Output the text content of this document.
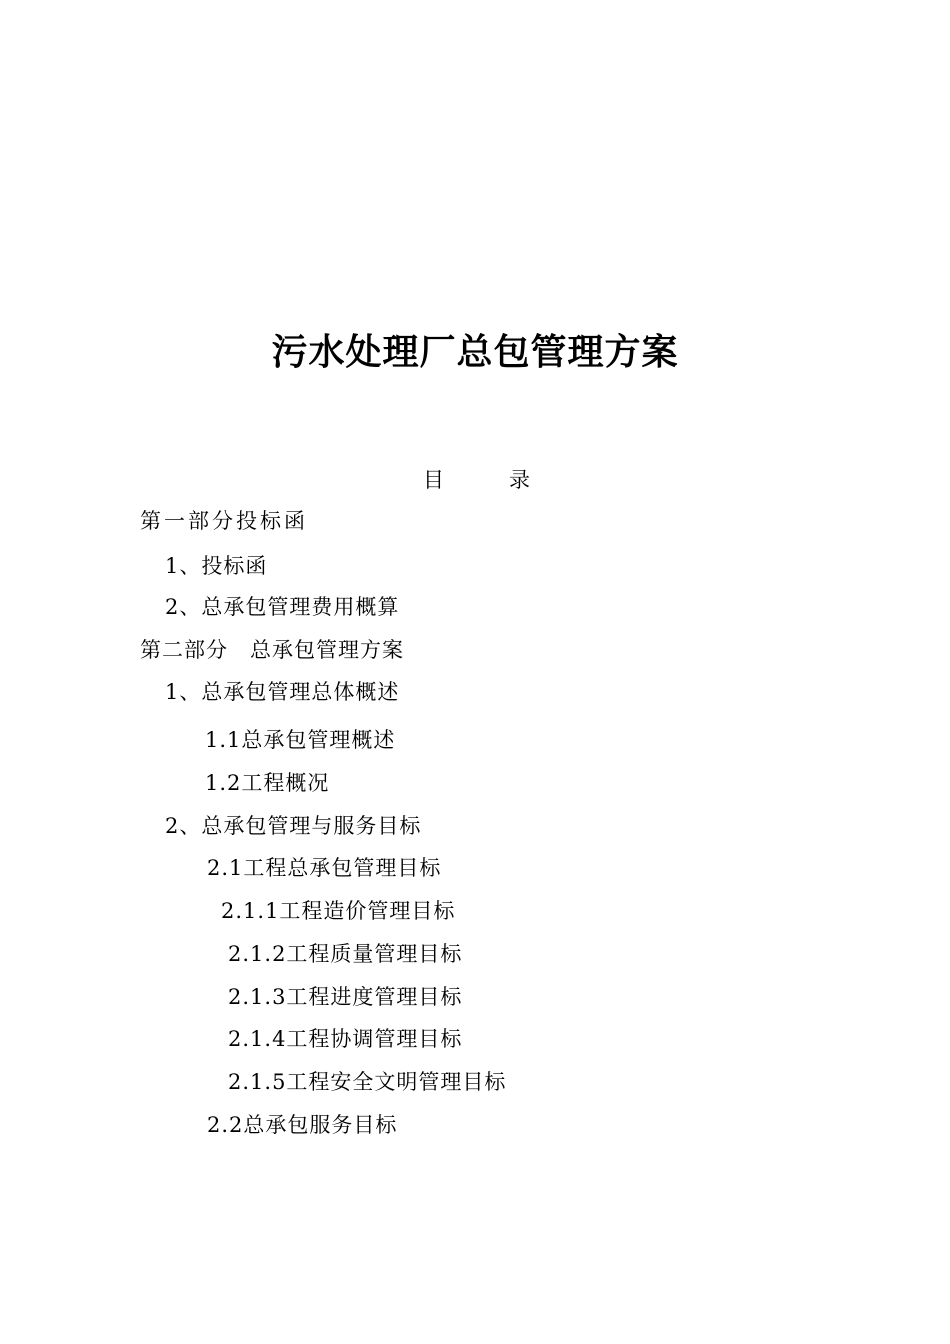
污水处理厂总包管理方案
目	录
第一部分投标函
1、投标函
2、总承包管理费用概算
第二部分　总承包管理方案
1、总承包管理总体概述
1.1总承包管理概述
1.2工程概况
2、总承包管理与服务目标
2.1工程总承包管理目标
2.1.1工程造价管理目标
2.1.2工程质量管理目标
2.1.3工程进度管理目标
2.1.4工程协调管理目标
2.1.5工程安全文明管理目标
2.2总承包服务目标
